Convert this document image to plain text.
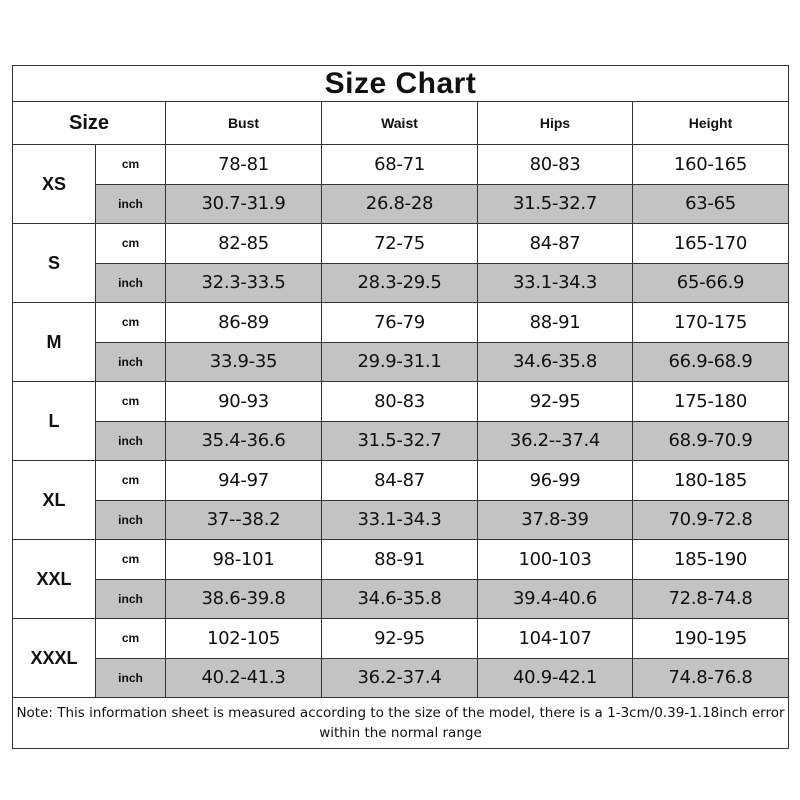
Size Chart					
Size		Bust	Waist	Hips	Height
XS	cm	78-81	68-71	80-83	160-165
	inch	30.7-31.9	26.8-28	31.5-32.7	63-65
S	cm	82-85	72-75	84-87	165-170
	inch	32.3-33.5	28.3-29.5	33.1-34.3	65-66.9
M	cm	86-89	76-79	88-91	170-175
	inch	33.9-35	29.9-31.1	34.6-35.8	66.9-68.9
L	cm	90-93	80-83	92-95	175-180
	inch	35.4-36.6	31.5-32.7	36.2--37.4	68.9-70.9
XL	cm	94-97	84-87	96-99	180-185
	inch	37--38.2	33.1-34.3	37.8-39	70.9-72.8
XXL	cm	98-101	88-91	100-103	185-190
	inch	38.6-39.8	34.6-35.8	39.4-40.6	72.8-74.8
XXXL	cm	102-105	92-95	104-107	190-195
	inch	40.2-41.3	36.2-37.4	40.9-42.1	74.8-76.8
Note: This information sheet is measured according to the size of the model, there is a 1-3cm/0.39-1.18inch error within the normal range					
